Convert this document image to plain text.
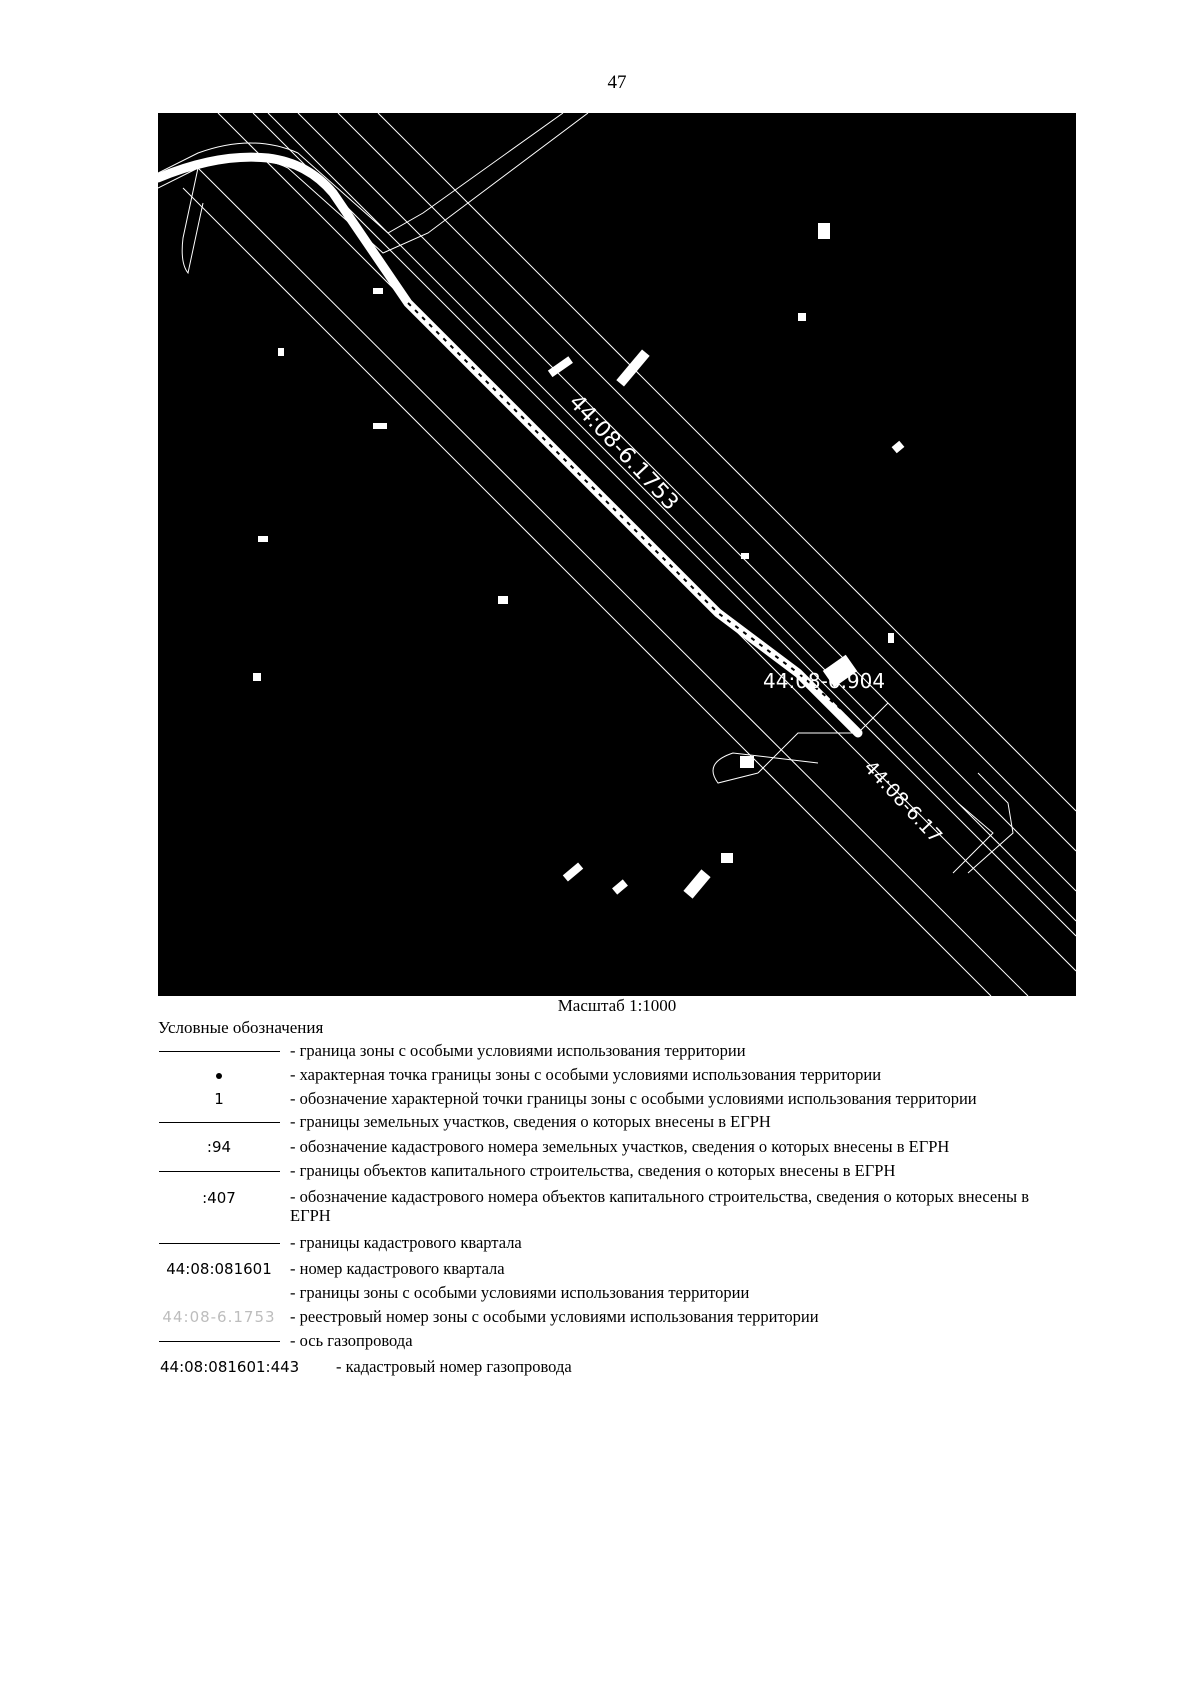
47
44:08-6.1753
44:08-6.904
44:08-6.17
Масштаб 1:1000
Условные обозначения
- граница зоны с особыми условиями использования территории
- характерная точка границы зоны с особыми условиями использования территории
1	- обозначение характерной точки границы зоны с особыми условиями использования территории
- границы земельных участков, сведения о которых внесены в ЕГРН
:94	- обозначение кадастрового номера земельных участков, сведения о которых внесены в ЕГРН
- границы объектов капитального строительства, сведения о которых внесены в ЕГРН
:407	- обозначение кадастрового номера объектов капитального строительства, сведения о которых внесены в ЕГРН
- границы кадастрового квартала
44:08:081601	- номер кадастрового квартала
- границы зоны с особыми условиями использования территории
44:08-6.1753 - реестровый номер зоны с особыми условиями использования территории
- ось газопровода
44:08:081601:443	- кадастровый номер газопровода
